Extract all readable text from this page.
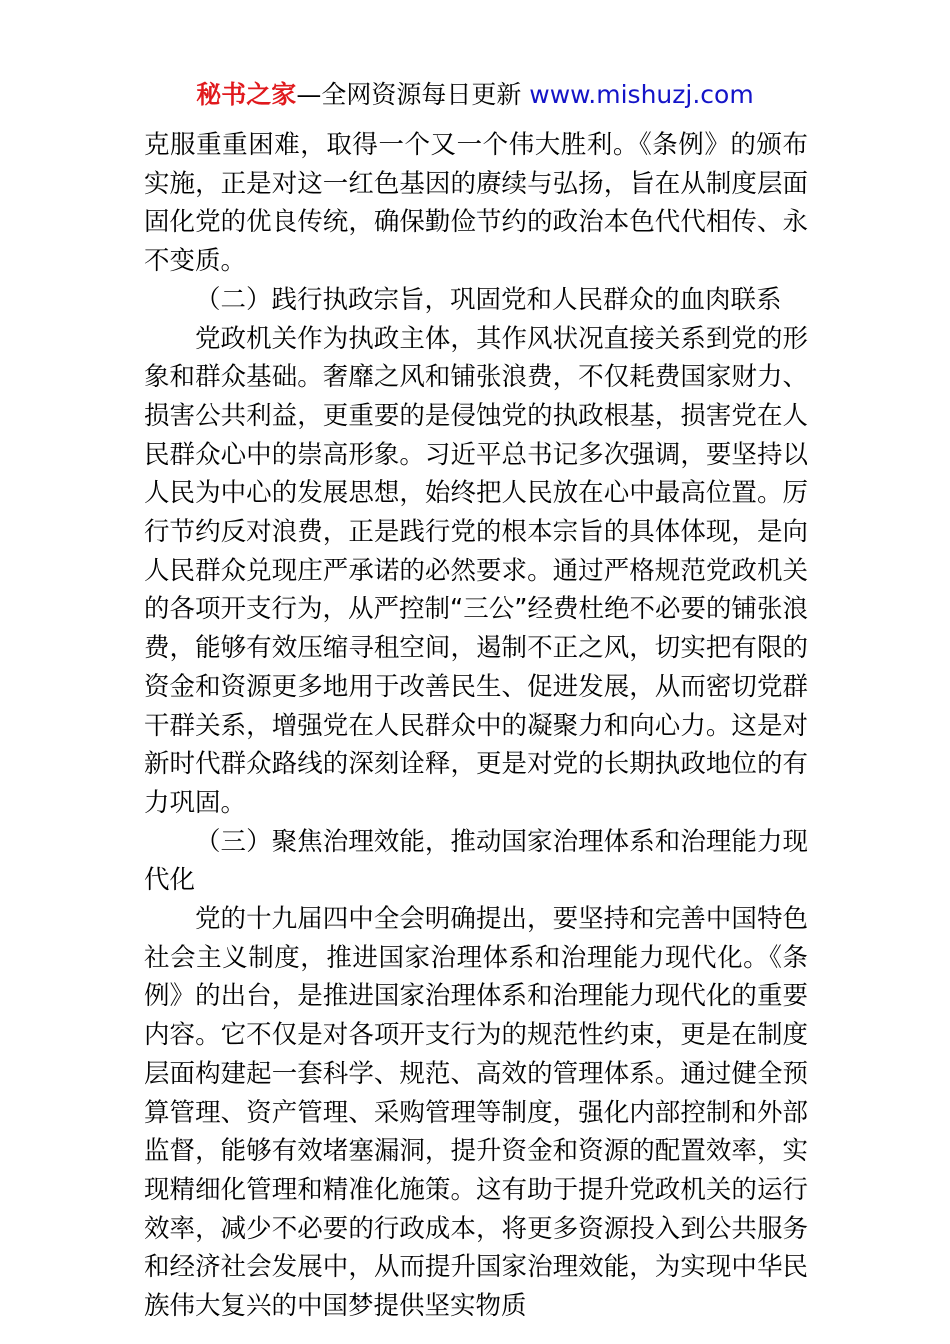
秘书之家—全网资源每日更新 www.mishuzj.com

克服重重困难，取得一个又一个伟大胜利。《条例》的颁布实施，正是对这一红色基因的赓续与弘扬，旨在从制度层面固化党的优良传统，确保勤俭节约的政治本色代代相传、永不变质。

（二）践行执政宗旨，巩固党和人民群众的血肉联系

党政机关作为执政主体，其作风状况直接关系到党的形象和群众基础。奢靡之风和铺张浪费，不仅耗费国家财力、损害公共利益，更重要的是侵蚀党的执政根基，损害党在人民群众心中的崇高形象。习近平总书记多次强调，要坚持以人民为中心的发展思想，始终把人民放在心中最高位置。厉行节约反对浪费，正是践行党的根本宗旨的具体体现，是向人民群众兑现庄严承诺的必然要求。通过严格规范党政机关的各项开支行为，从严控制“三公”经费杜绝不必要的铺张浪费，能够有效压缩寻租空间，遏制不正之风，切实把有限的资金和资源更多地用于改善民生、促进发展，从而密切党群干群关系，增强党在人民群众中的凝聚力和向心力。这是对新时代群众路线的深刻诠释，更是对党的长期执政地位的有力巩固。

（三）聚焦治理效能，推动国家治理体系和治理能力现代化

党的十九届四中全会明确提出，要坚持和完善中国特色社会主义制度，推进国家治理体系和治理能力现代化。《条例》的出台，是推进国家治理体系和治理能力现代化的重要内容。它不仅是对各项开支行为的规范性约束，更是在制度层面构建起一套科学、规范、高效的管理体系。通过健全预算管理、资产管理、采购管理等制度，强化内部控制和外部监督，能够有效堵塞漏洞，提升资金和资源的配置效率，实现精细化管理和精准化施策。这有助于提升党政机关的运行效率，减少不必要的行政成本，将更多资源投入到公共服务和经济社会发展中，从而提升国家治理效能，为实现中华民族伟大复兴的中国梦提供坚实物质
